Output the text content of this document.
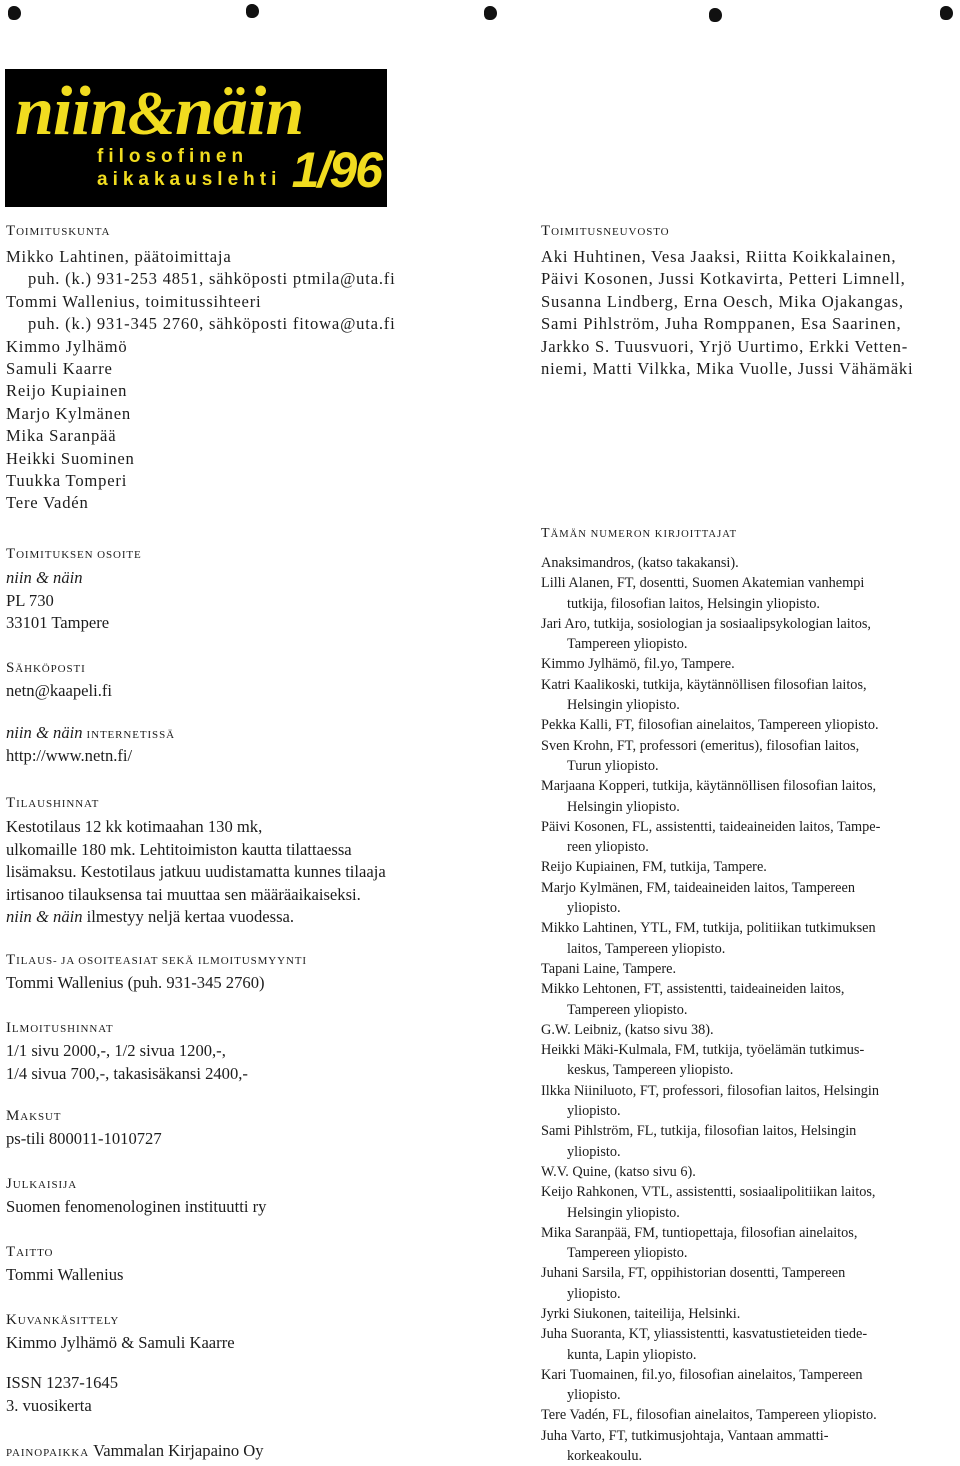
niin&näin
filosofinen
aikakauslehti 1/96
TOIMITUSKUNTA
Mikko Lahtinen, päätoimittaja
puh. (k.) 931-253 4851, sähköposti ptmila@uta.fi
Tommi Wallenius, toimitussihteeri
puh. (k.) 931-345 2760, sähköposti fitowa@uta.fi
Kimmo Jylhämö
Samuli Kaarre
Reijo Kupiainen
Marjo Kylmänen
Mika Saranpää
Heikki Suominen
Tuukka Tomperi
Tere Vadén
TOIMITUKSEN OSOITE
niin & näin
PL 730
33101 Tampere
SÄHKÖPOSTI
netn@kaapeli.fi
niin & näin INTERNETISSÄ
http://www.netn.fi/
TILAUSHINNAT
Kestotilaus 12 kk kotimaahan 130 mk,
ulkomaille 180 mk. Lehtitoimiston kautta tilattaessa
lisämaksu. Kestotilaus jatkuu uudistamatta kunnes tilaaja
irtisanoo tilauksensa tai muuttaa sen määräaikaiseksi.
niin & näin ilmestyy neljä kertaa vuodessa.
TILAUS- JA OSOITEASIAT SEKÄ ILMOITUSMYYNTI
Tommi Wallenius (puh. 931-345 2760)
ILMOITUSHINNAT
1/1 sivu 2000,-, 1/2 sivua 1200,-,
1/4 sivua 700,-, takasisäkansi 2400,-
MAKSUT
ps-tili 800011-1010727
JULKAISIJA
Suomen fenomenologinen instituutti ry
TAITTO
Tommi Wallenius
KUVANKÄSITTELY
Kimmo Jylhämö & Samuli Kaarre
ISSN 1237-1645
3. vuosikerta
PAINOPAIKKA Vammalan Kirjapaino Oy
TOIMITUSNEUVOSTO
Aki Huhtinen, Vesa Jaaksi, Riitta Koikkalainen,
Päivi Kosonen, Jussi Kotkavirta, Petteri Limnell,
Susanna Lindberg, Erna Oesch, Mika Ojakangas,
Sami Pihlström, Juha Romppanen, Esa Saarinen,
Jarkko S. Tuusvuori, Yrjö Uurtimo, Erkki Vetten-
niemi, Matti Vilkka, Mika Vuolle, Jussi Vähämäki
TÄMÄN NUMERON KIRJOITTAJAT
Anaksimandros, (katso takakansi).
Lilli Alanen, FT, dosentti, Suomen Akatemian vanhempi
tutkija, filosofian laitos, Helsingin yliopisto.
Jari Aro, tutkija, sosiologian ja sosiaalipsykologian laitos,
Tampereen yliopisto.
Kimmo Jylhämö, fil.yo, Tampere.
Katri Kaalikoski, tutkija, käytännöllisen filosofian laitos,
Helsingin yliopisto.
Pekka Kalli, FT, filosofian ainelaitos, Tampereen yliopisto.
Sven Krohn, FT, professori (emeritus), filosofian laitos,
Turun yliopisto.
Marjaana Kopperi, tutkija, käytännöllisen filosofian laitos,
Helsingin yliopisto.
Päivi Kosonen, FL, assistentti, taideaineiden laitos, Tampe-
reen yliopisto.
Reijo Kupiainen, FM, tutkija, Tampere.
Marjo Kylmänen, FM, taideaineiden laitos, Tampereen
yliopisto.
Mikko Lahtinen, YTL, FM, tutkija, politiikan tutkimuksen
laitos, Tampereen yliopisto.
Tapani Laine, Tampere.
Mikko Lehtonen, FT, assistentti, taideaineiden laitos,
Tampereen yliopisto.
G.W. Leibniz, (katso sivu 38).
Heikki Mäki-Kulmala, FM, tutkija, työelämän tutkimus-
keskus, Tampereen yliopisto.
Ilkka Niiniluoto, FT, professori, filosofian laitos, Helsingin
yliopisto.
Sami Pihlström, FL, tutkija, filosofian laitos, Helsingin
yliopisto.
W.V. Quine, (katso sivu 6).
Keijo Rahkonen, VTL, assistentti, sosiaalipolitiikan laitos,
Helsingin yliopisto.
Mika Saranpää, FM, tuntiopettaja, filosofian ainelaitos,
Tampereen yliopisto.
Juhani Sarsila, FT, oppihistorian dosentti, Tampereen
yliopisto.
Jyrki Siukonen, taiteilija, Helsinki.
Juha Suoranta, KT, yliassistentti, kasvatustieteiden tiede-
kunta, Lapin yliopisto.
Kari Tuomainen, fil.yo, filosofian ainelaitos, Tampereen
yliopisto.
Tere Vadén, FL, filosofian ainelaitos, Tampereen yliopisto.
Juha Varto, FT, tutkimusjohtaja, Vantaan ammatti-
korkeakoulu.
